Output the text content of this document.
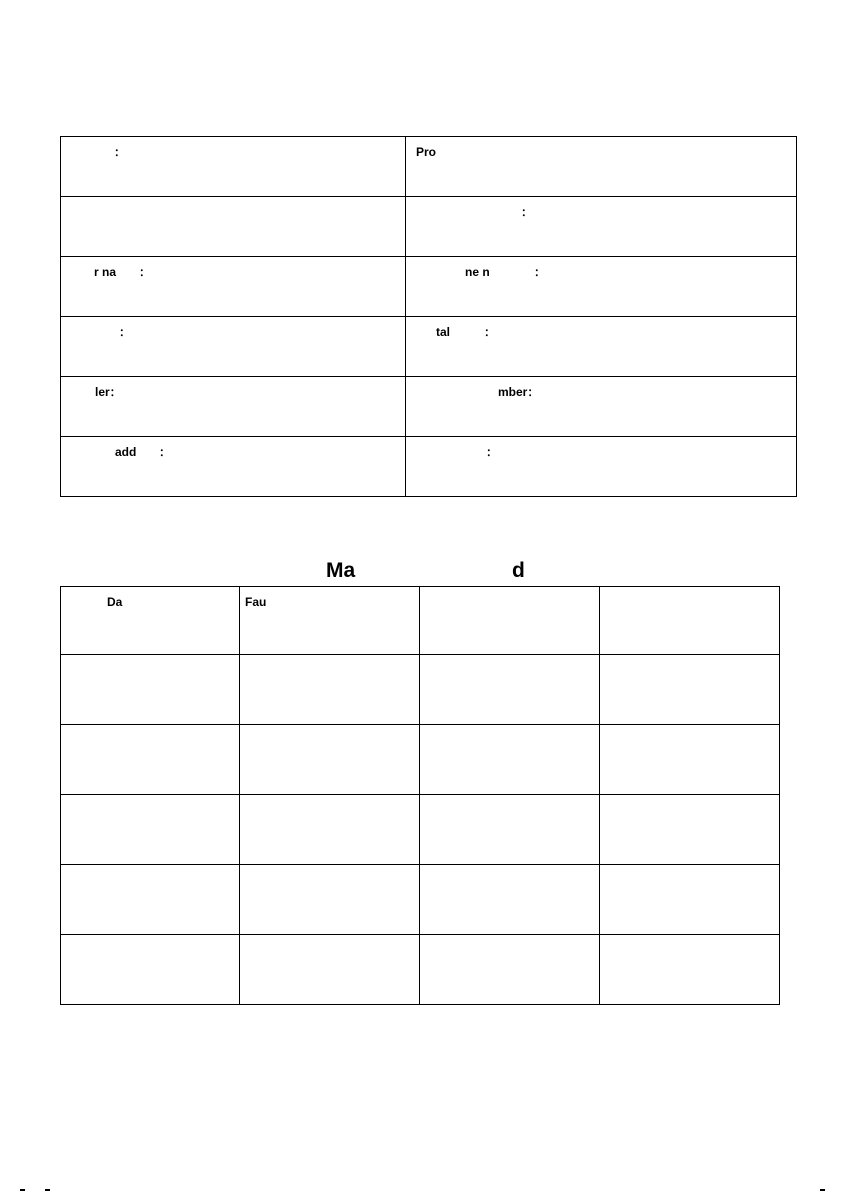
：	Pro

	：

r na ：	ne n ：

：	tal ：

ler：	mber：

add ：	：
Ma	d
Da	Fau		
